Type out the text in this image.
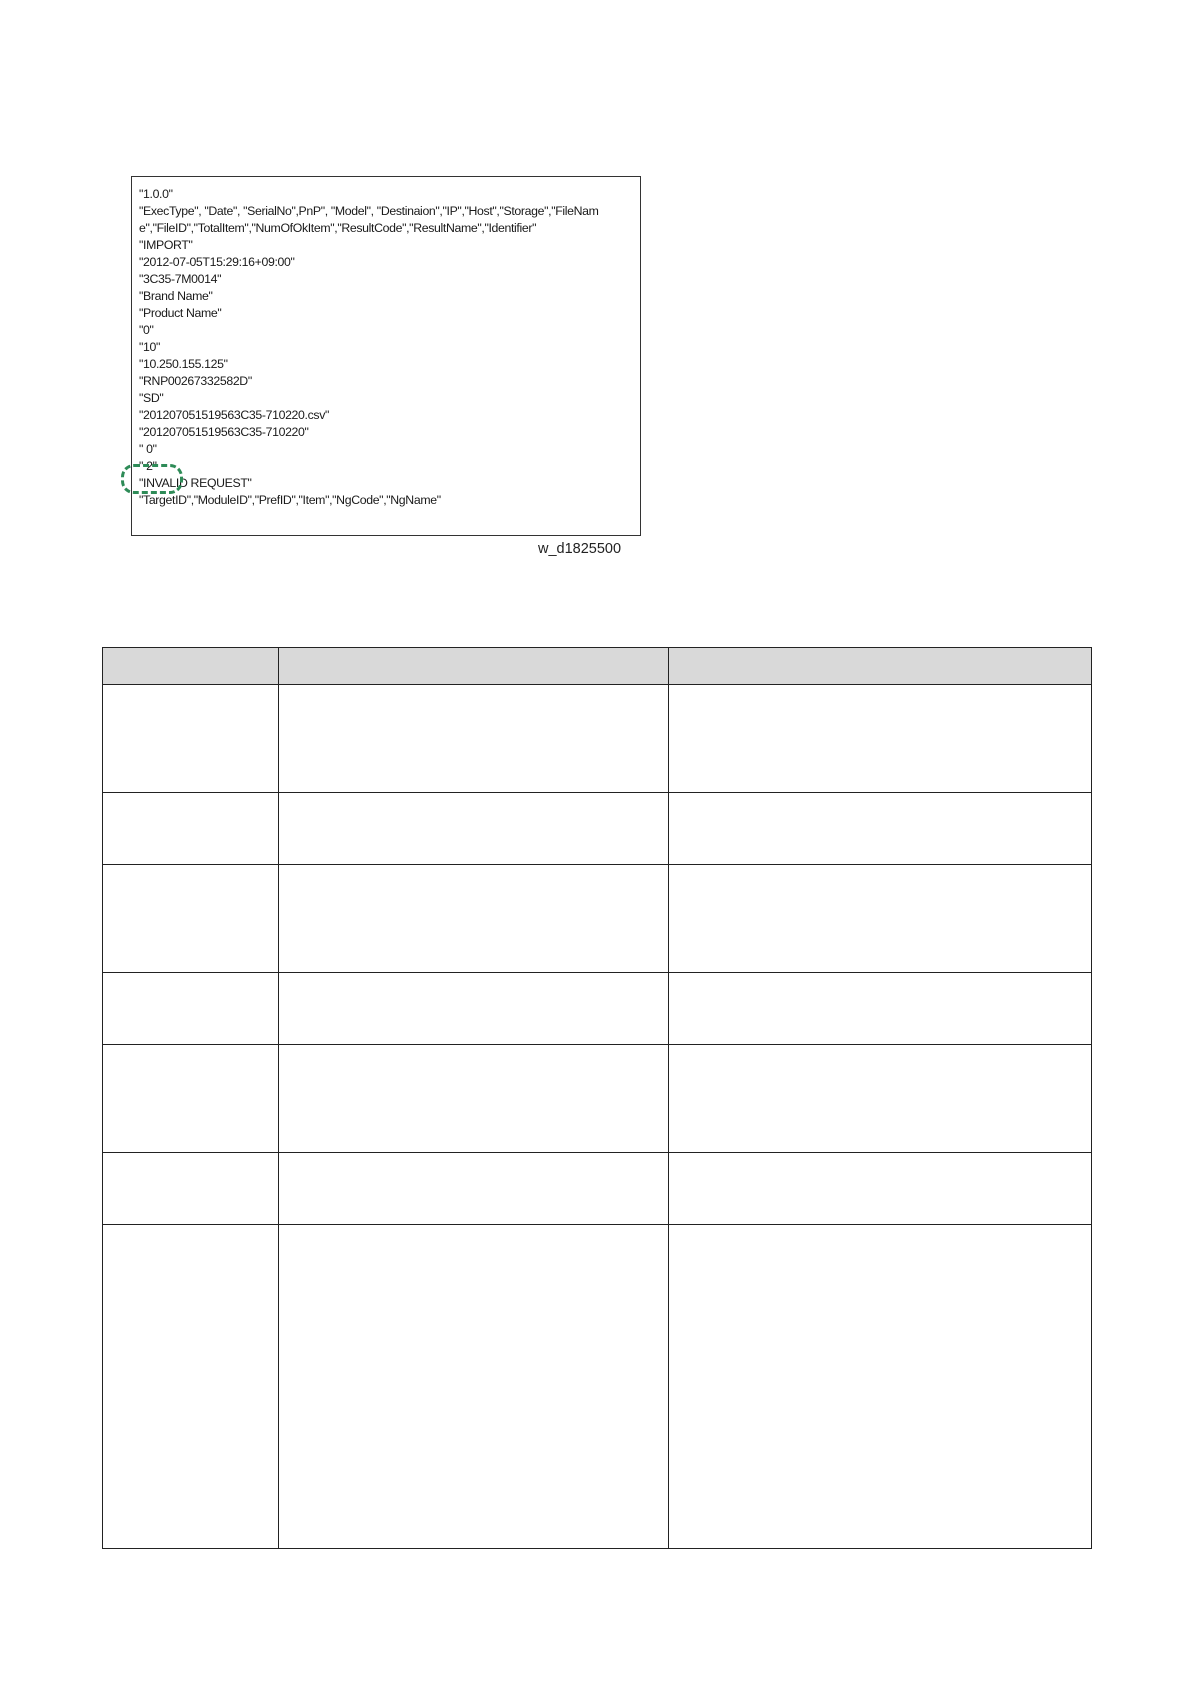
"1.0.0"
"ExecType", "Date", "SerialNo",PnP", "Model", "Destinaion","IP","Host","Storage","FileNam
e","FileID","TotalItem","NumOfOkItem","ResultCode","ResultName","Identifier"
"IMPORT"
"2012-07-05T15:29:16+09:00"
"3C35-7M0014"
"Brand Name"
"Product Name"
"0"
"10"
"10.250.155.125"
"RNP00267332582D"
"SD"
"201207051519563C35-710220.csv"
"201207051519563C35-710220"
" 0"
" 2"
"INVALID REQUEST"
"TargetID","ModuleID","PrefID","Item","NgCode","NgName"
w_d1825500
